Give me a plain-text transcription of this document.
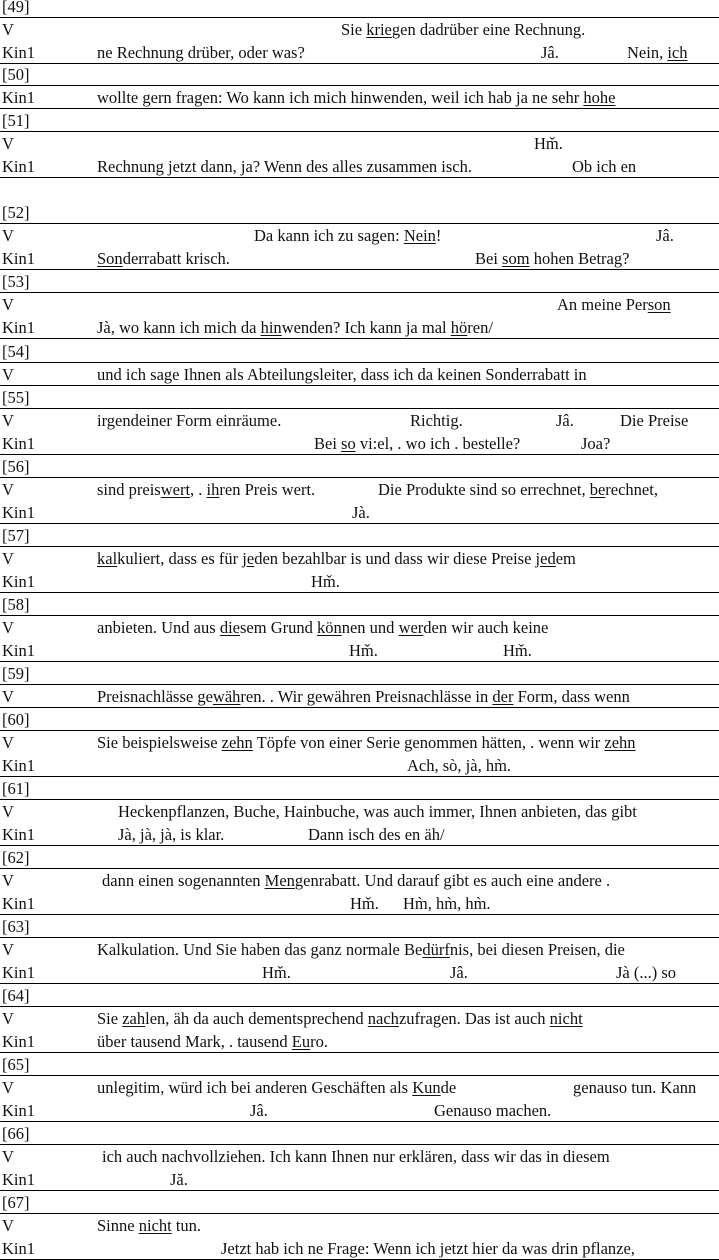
[49]
V	Sie kriegen dadrüber eine Rechnung.
Kin1	ne Rechnung drüber, oder was?	Jâ.	Nein, ich
[50]
Kin1	wollte gern fragen: Wo kann ich mich hinwenden, weil ich hab ja ne sehr hohe
[51]
V	Hm̌.
Kin1	Rechnung jetzt dann, ja? Wenn des alles zusammen isch.	Ob ich en
[52]
V	Da kann ich zu sagen: Nein!	Jâ.
Kin1	Sonderrabatt krisch.	Bei som hohen Betrag?
[53]
V	An meine Person
Kin1	Jà, wo kann ich mich da hinwenden? Ich kann ja mal hören/
[54]
V	und ich sage Ihnen als Abteilungsleiter, dass ich da keinen Sonderrabatt in
[55]
V	irgendeiner Form einräume.	Richtig.	Jâ.	Die Preise
Kin1	Bei so vi:el, . wo ich . bestelle?	Joa?
[56]
V	sind preiswert, . ihren Preis wert.	Die Produkte sind so errechnet, berechnet,
Kin1	Jà.
[57]
V	kalkuliert, dass es für jeden bezahlbar is und dass wir diese Preise jedem
Kin1	Hm̌.
[58]
V	anbieten. Und aus diesem Grund können und werden wir auch keine
Kin1	Hm̌.	Hm̌.
[59]
V	Preisnachlässe gewähren. . Wir gewähren Preisnachlässe in der Form, dass wenn
[60]
V	Sie beispielsweise zehn Töpfe von einer Serie genommen hätten, . wenn wir zehn
Kin1	Ach, sò, jà, hm̀.
[61]
V	Heckenpflanzen, Buche, Hainbuche, was auch immer, Ihnen anbieten, das gibt
Kin1	Jà, jà, jà, is klar.	Dann isch des en äh/
[62]
V	dann einen sogenannten Mengenrabatt. Und darauf gibt es auch eine andere .
Kin1	Hm̌. Hm̀, hm̀, hm̀.
[63]
V	Kalkulation. Und Sie haben das ganz normale Bedürfnis, bei diesen Preisen, die
Kin1	Hm̌.	Jâ.	Jà (...) so
[64]
V	Sie zahlen, äh da auch dementsprechend nachzufragen. Das ist auch nicht
Kin1	über tausend Mark, . tausend Euro.
[65]
V	unlegitim, würd ich bei anderen Geschäften als Kunde	genauso tun. Kann
Kin1	Jâ.	Genauso machen.
[66]
V	ich auch nachvollziehen. Ich kann Ihnen nur erklären, dass wir das in diesem
Kin1	Jă.
[67]
V	Sinne nicht tun.
Kin1	Jetzt hab ich ne Frage: Wenn ich jetzt hier da was drin pflanze,
